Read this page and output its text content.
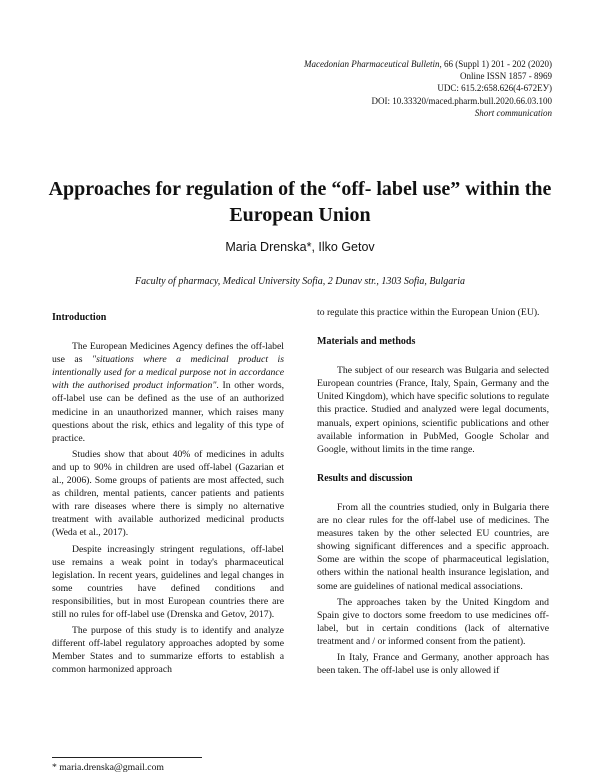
Macedonian Pharmaceutical Bulletin, 66 (Suppl 1) 201 - 202 (2020)
Online ISSN 1857 - 8969
UDC: 615.2:658.626(4-672ЕУ)
DOI: 10.33320/maced.pharm.bull.2020.66.03.100
Short communication
Approaches for regulation of the “off- label use” within the European Union
Maria Drenska*, Ilko Getov
Faculty of pharmacy, Medical University Sofia, 2 Dunav str., 1303 Sofia, Bulgaria
Introduction

The European Medicines Agency defines the off-label use as "situations where a medicinal product is intentionally used for a medical purpose not in accordance with the authorised product information". In other words, off-label use can be defined as the use of an authorized medicine in an unauthorized manner, which raises many questions about the risk, ethics and legality of this type of practice.

Studies show that about 40% of medicines in adults and up to 90% in children are used off-label (Gazarian et al., 2006). Some groups of patients are most affected, such as children, mental patients, cancer patients and patients with rare diseases where there is simply no alternative treatment with available authorized medicinal products (Weda et al., 2017).

Despite increasingly stringent regulations, off-label use remains a weak point in today's pharmaceutical legislation. In recent years, guidelines and legal changes in some countries have defined conditions and responsibilities, but in most European countries there are still no rules for off-label use (Drenska and Getov, 2017).

The purpose of this study is to identify and analyze different off-label regulatory approaches adopted by some Member States and to summarize efforts to establish a common harmonized approach

to regulate this practice within the European Union (EU).

Materials and methods

The subject of our research was Bulgaria and selected European countries (France, Italy, Spain, Germany and the United Kingdom), which have specific solutions to regulate this practice. Studied and analyzed were legal documents, manuals, expert opinions, scientific publications and other available information in PubMed, Google Scholar and Google, without limits in the time range.

Results and discussion

From all the countries studied, only in Bulgaria there are no clear rules for the off-label use of medicines. The measures taken by the other selected EU countries, are showing significant differences and a specific approach. Some are within the scope of pharmaceutical legislation, others within the national health insurance legislation, and some are guidelines of national medical associations.

The approaches taken by the United Kingdom and Spain give to doctors some freedom to use medicines off-label, but in certain conditions (lack of alternative treatment and / or informed consent from the patient).

In Italy, France and Germany, another approach has been taken. The off-label use is only allowed if

* maria.drenska@gmail.com
